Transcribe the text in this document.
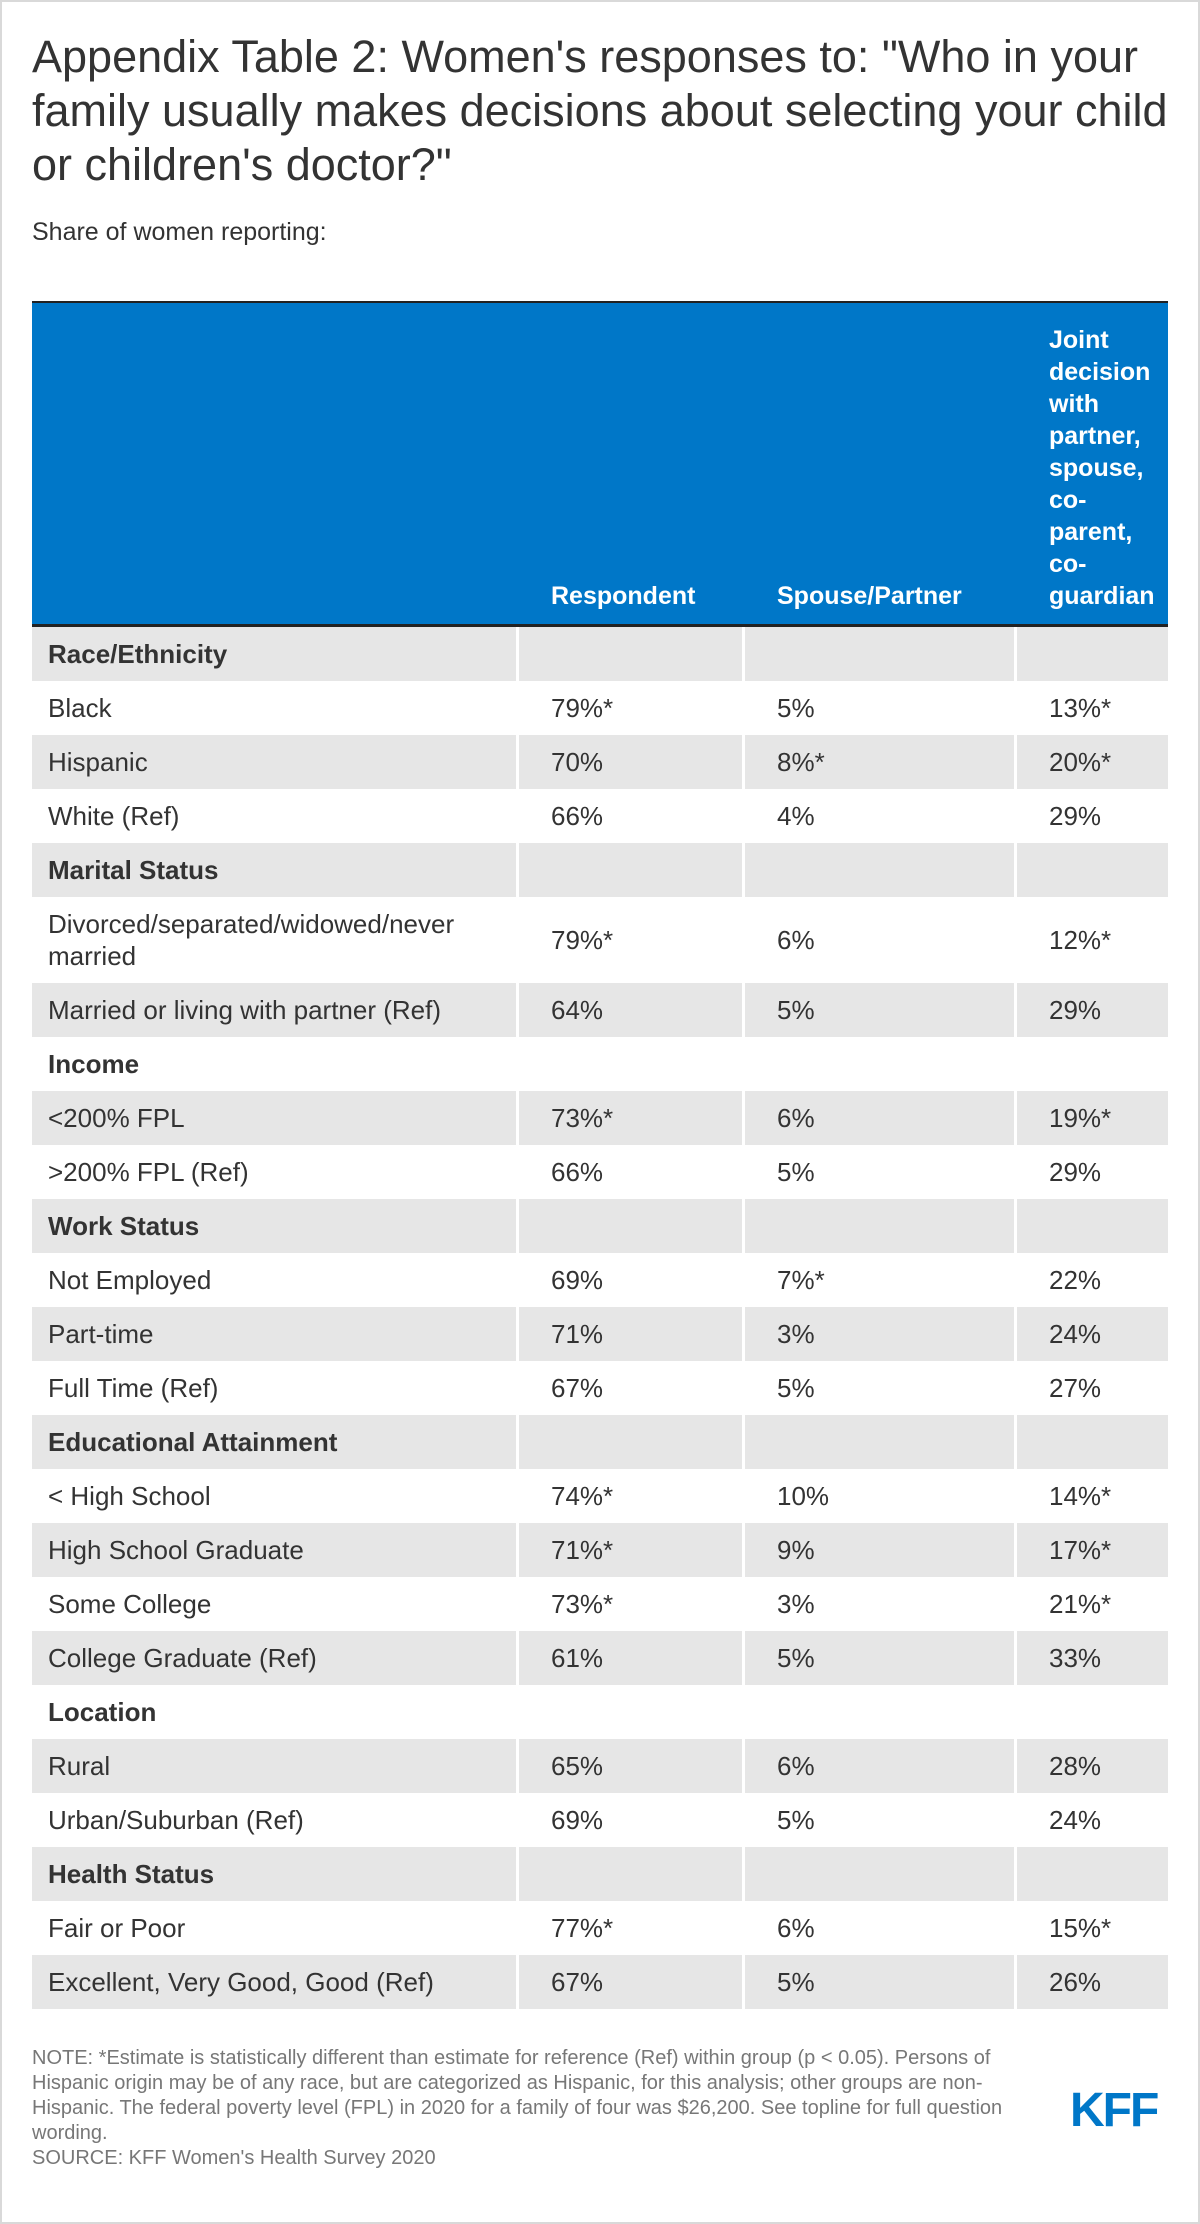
Appendix Table 2: Women's responses to: "Who in your family usually makes decisions about selecting your child or children's doctor?"
Share of women reporting:
	Respondent	Spouse/Partner	Joint decision with partner, spouse, co-parent, co-guardian
Race/Ethnicity			
Black	79%*	5%	13%*
Hispanic	70%	8%*	20%*
White (Ref)	66%	4%	29%
Marital Status			
Divorced/separated/widowed/never married	79%*	6%	12%*
Married or living with partner (Ref)	64%	5%	29%
Income			
<200% FPL	73%*	6%	19%*
>200% FPL (Ref)	66%	5%	29%
Work Status			
Not Employed	69%	7%*	22%
Part-time	71%	3%	24%
Full Time (Ref)	67%	5%	27%
Educational Attainment			
< High School	74%*	10%	14%*
High School Graduate	71%*	9%	17%*
Some College	73%*	3%	21%*
College Graduate (Ref)	61%	5%	33%
Location			
Rural	65%	6%	28%
Urban/Suburban (Ref)	69%	5%	24%
Health Status			
Fair or Poor	77%*	6%	15%*
Excellent, Very Good, Good (Ref)	67%	5%	26%
NOTE: *Estimate is statistically different than estimate for reference (Ref) within group (p < 0.05). Persons of Hispanic origin may be of any race, but are categorized as Hispanic, for this analysis; other groups are non-Hispanic. The federal poverty level (FPL) in 2020 for a family of four was $26,200. See topline for full question wording.
SOURCE: KFF Women's Health Survey 2020
KFF
